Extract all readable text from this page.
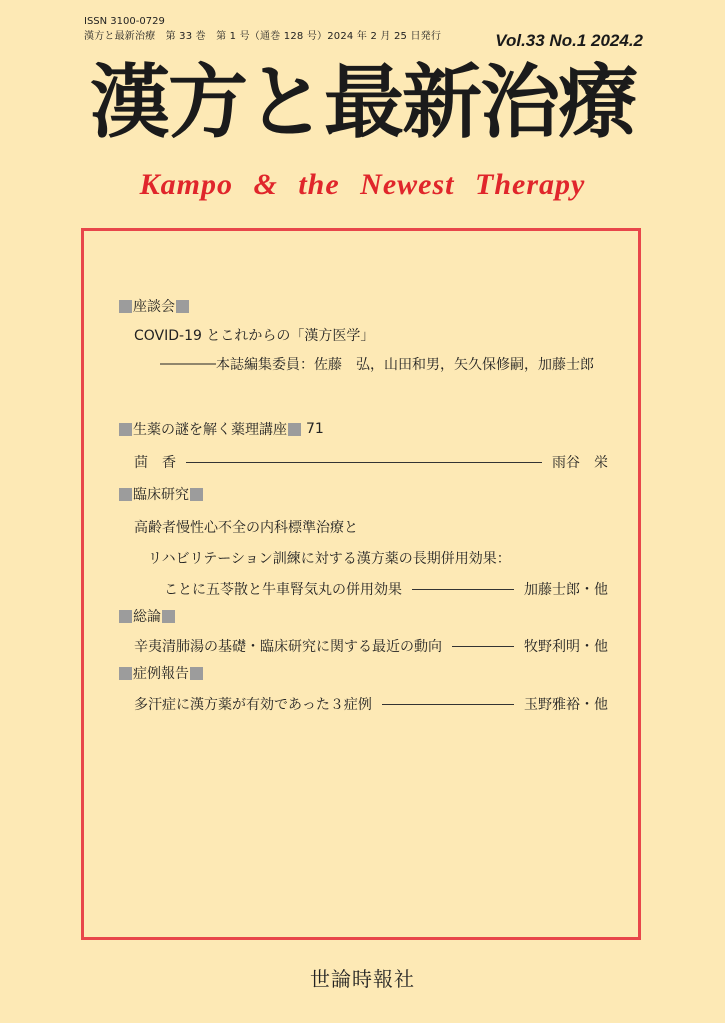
ISSN 3100-0729
漢方と最新治療　第 33 巻　第 1 号（通巻 128 号）2024 年 2 月 25 日発行	Vol.33 No.1 2024.2
漢方と最新治療
Kampo & the Newest Therapy
座談会
COVID-19 とこれからの「漢方医学」
―――― 本誌編集委員：佐藤　弘，山田和男，矢久保修嗣，加藤士郎
生薬の謎を解く薬理講座 71
茴　香	雨谷　栄
臨床研究
高齢者慢性心不全の内科標準治療と
リハビリテーション訓練に対する漢方薬の長期併用効果：
ことに五苓散と牛車腎気丸の併用効果	加藤士郎・他
総論
辛夷清肺湯の基礎・臨床研究に関する最近の動向	牧野利明・他
症例報告
多汗症に漢方薬が有効であった３症例	玉野雅裕・他
世論時報社
